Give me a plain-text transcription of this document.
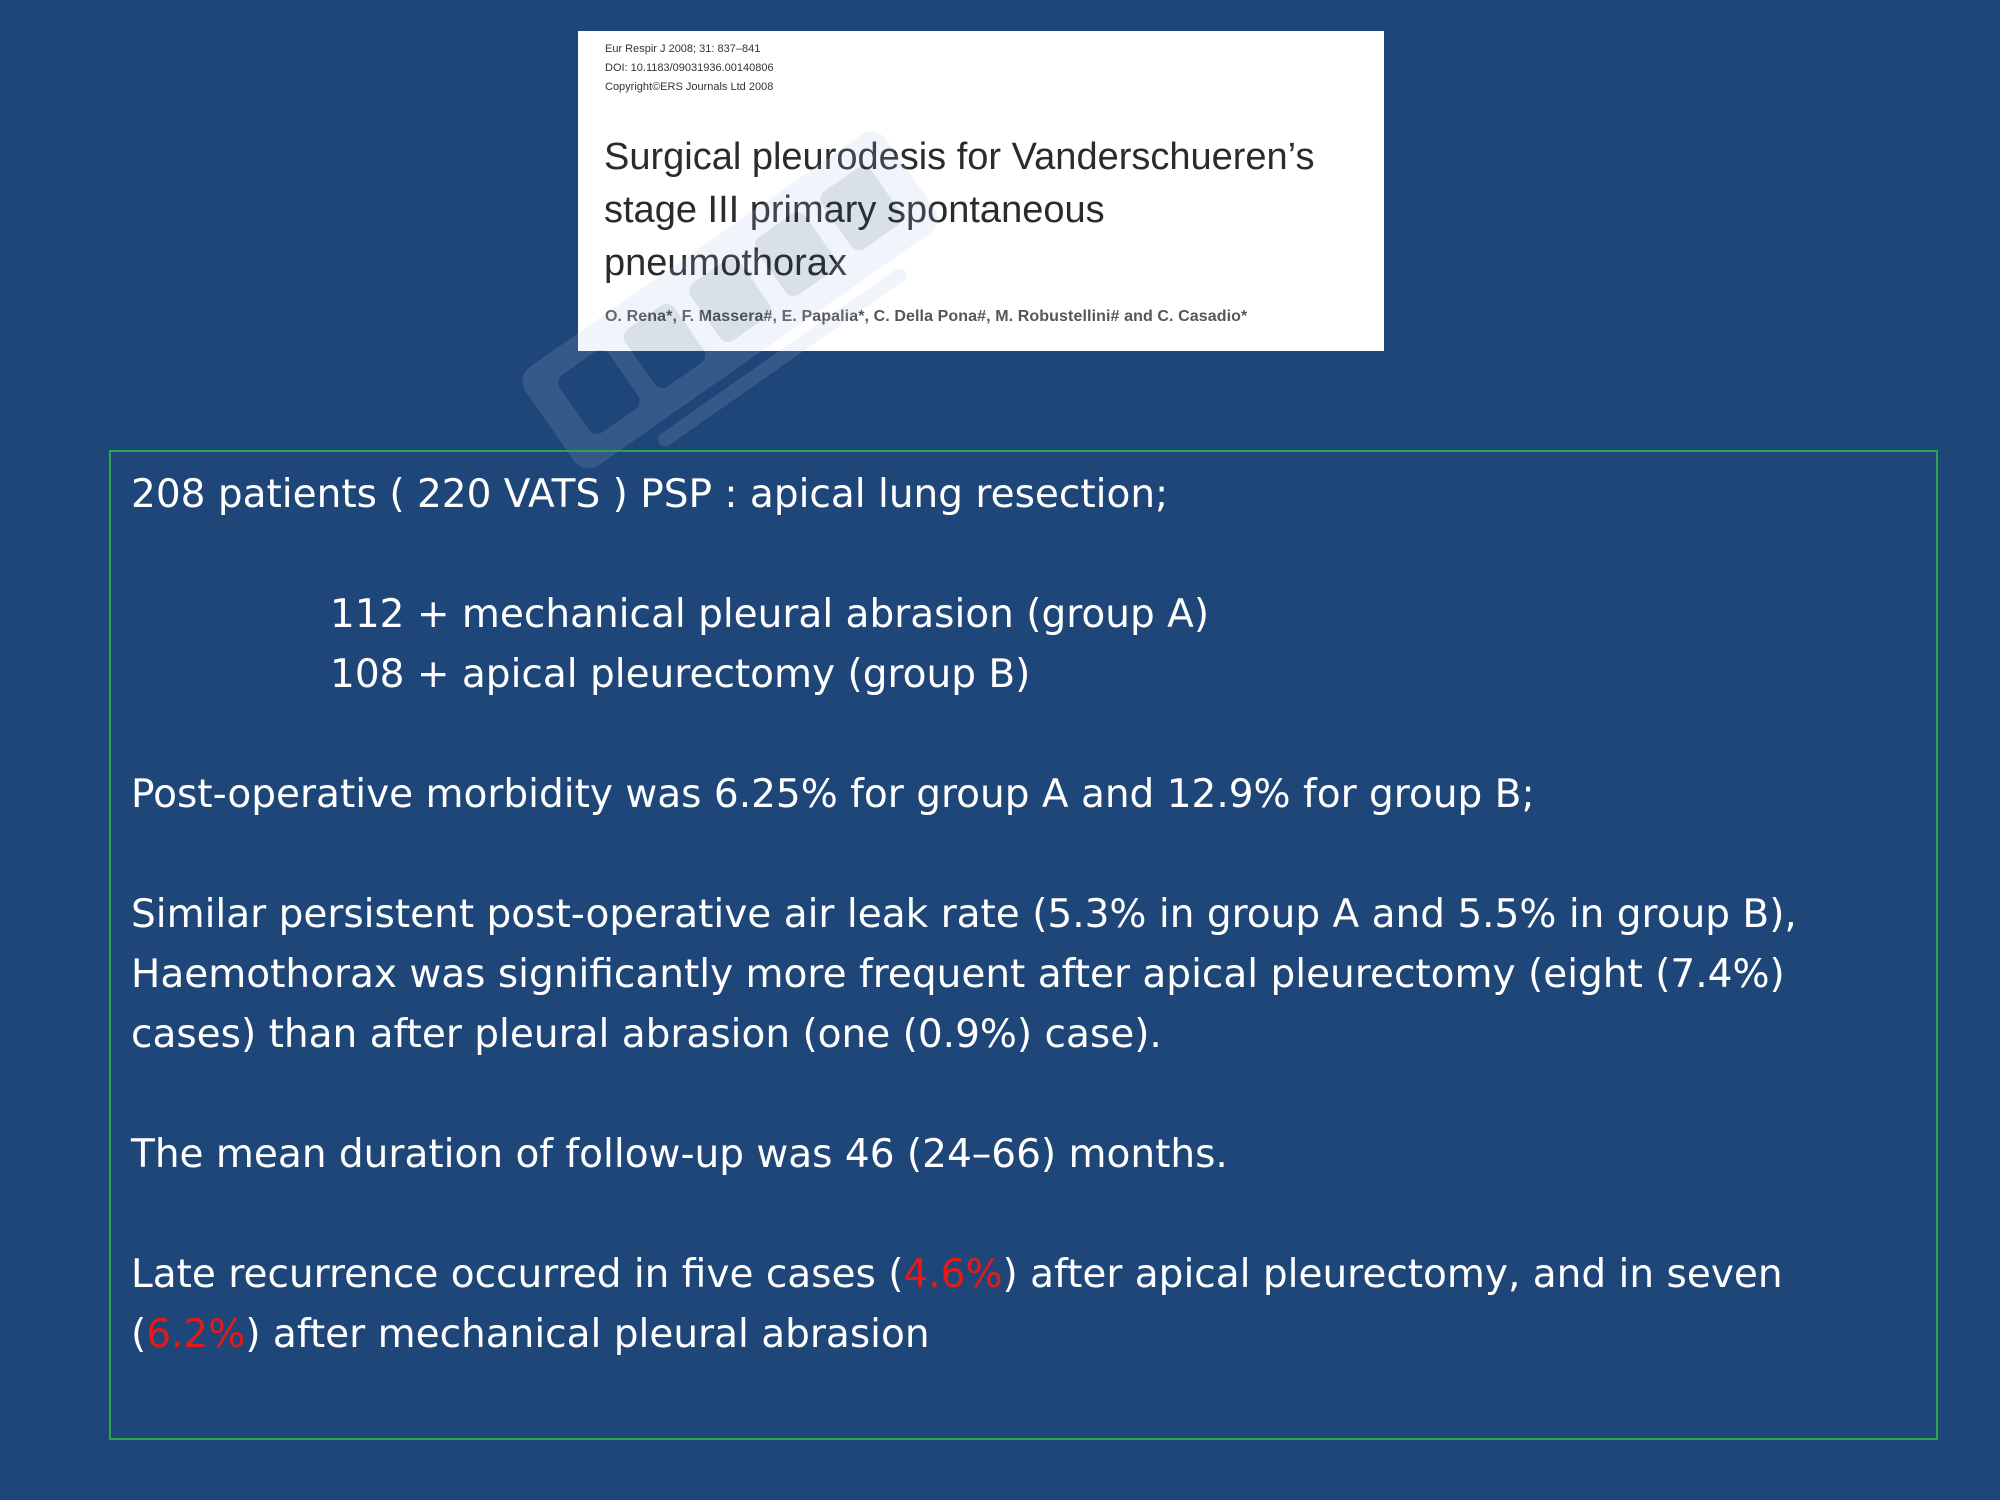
Eur Respir J 2008; 31: 837–841
DOI: 10.1183/09031936.00140806
Copyright©ERS Journals Ltd 2008
Surgical pleurodesis for Vanderschueren’s
stage III primary spontaneous
pneumothorax
O. Rena*, F. Massera#, E. Papalia*, C. Della Pona#, M. Robustellini# and C. Casadio*
208 patients ( 220 VATS ) PSP : apical lung resection;
112 + mechanical pleural abrasion (group A)
108 + apical pleurectomy (group B)
Post-operative morbidity was 6.25% for group A and 12.9% for group B;
Similar persistent post-operative air leak rate (5.3% in group A and 5.5% in group B),
Haemothorax was significantly more frequent after apical pleurectomy (eight (7.4%)
cases) than after pleural abrasion (one (0.9%) case).
The mean duration of follow-up was 46 (24–66) months.
Late recurrence occurred in five cases (4.6%) after apical pleurectomy, and in seven
(6.2%) after mechanical pleural abrasion
